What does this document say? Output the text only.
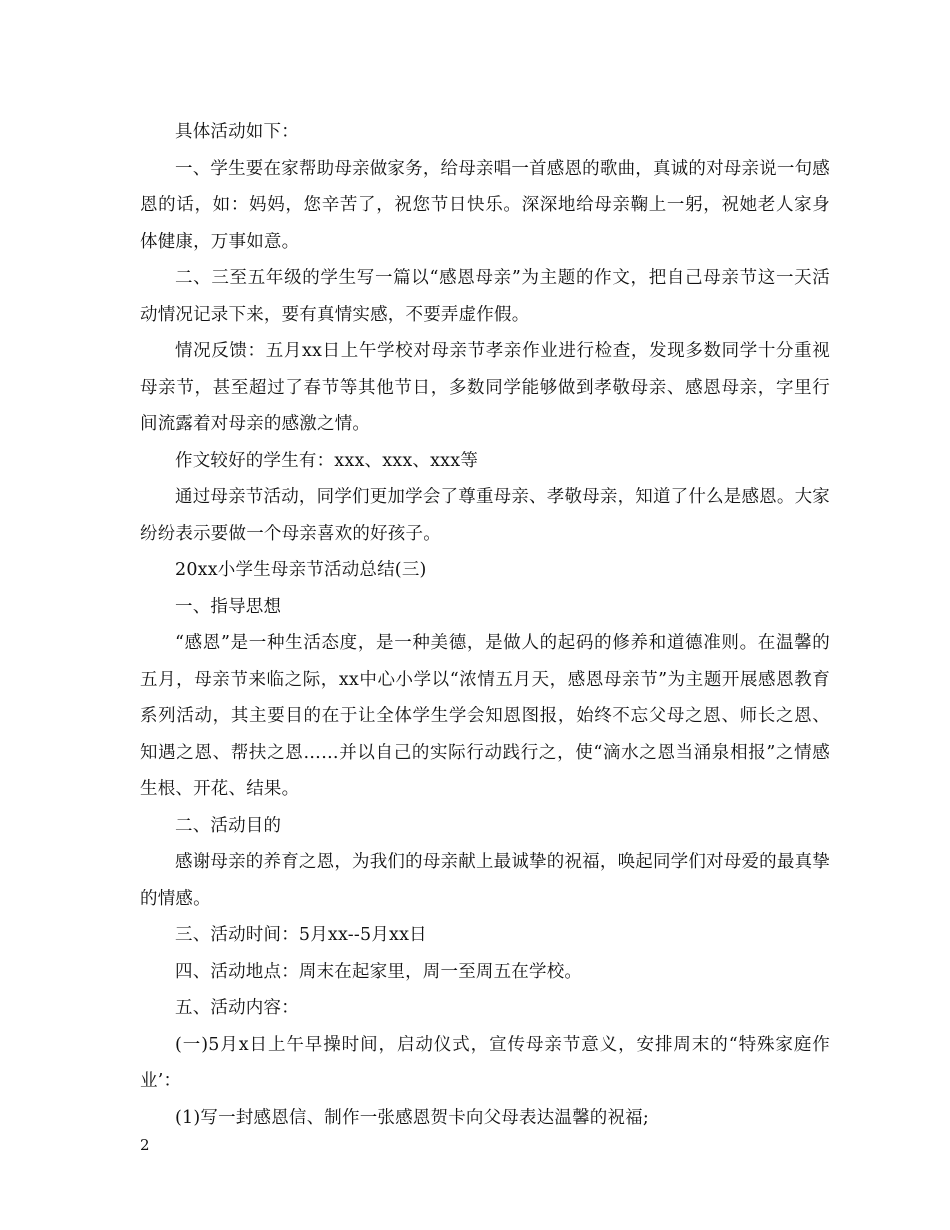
具体活动如下：

一、学生要在家帮助母亲做家务，给母亲唱一首感恩的歌曲，真诚的对母亲说一句感恩的话，如：妈妈，您辛苦了，祝您节日快乐。深深地给母亲鞠上一躬，祝她老人家身体健康，万事如意。

二、三至五年级的学生写一篇以“感恩母亲”为主题的作文，把自己母亲节这一天活动情况记录下来，要有真情实感，不要弄虚作假。

情况反馈：五月xx日上午学校对母亲节孝亲作业进行检查，发现多数同学十分重视母亲节，甚至超过了春节等其他节日，多数同学能够做到孝敬母亲、感恩母亲，字里行间流露着对母亲的感激之情。

作文较好的学生有：xxx、xxx、xxx等

通过母亲节活动，同学们更加学会了尊重母亲、孝敬母亲，知道了什么是感恩。大家纷纷表示要做一个母亲喜欢的好孩子。

20xx小学生母亲节活动总结(三)

一、指导思想

“感恩”是一种生活态度，是一种美德，是做人的起码的修养和道德准则。在温馨的五月，母亲节来临之际，xx中心小学以“浓情五月天，感恩母亲节”为主题开展感恩教育系列活动，其主要目的在于让全体学生学会知恩图报，始终不忘父母之恩、师长之恩、知遇之恩、帮扶之恩……并以自己的实际行动践行之，使“滴水之恩当涌泉相报”之情感生根、开花、结果。

二、活动目的

感谢母亲的养育之恩，为我们的母亲献上最诚挚的祝福，唤起同学们对母爱的最真挚的情感。

三、活动时间：5月xx--5月xx日

四、活动地点：周末在起家里，周一至周五在学校。

五、活动内容：

(一)5月x日上午早操时间，启动仪式，宣传母亲节意义，安排周末的“特殊家庭作业’：

(1)写一封感恩信、制作一张感恩贺卡向父母表达温馨的祝福;

2
